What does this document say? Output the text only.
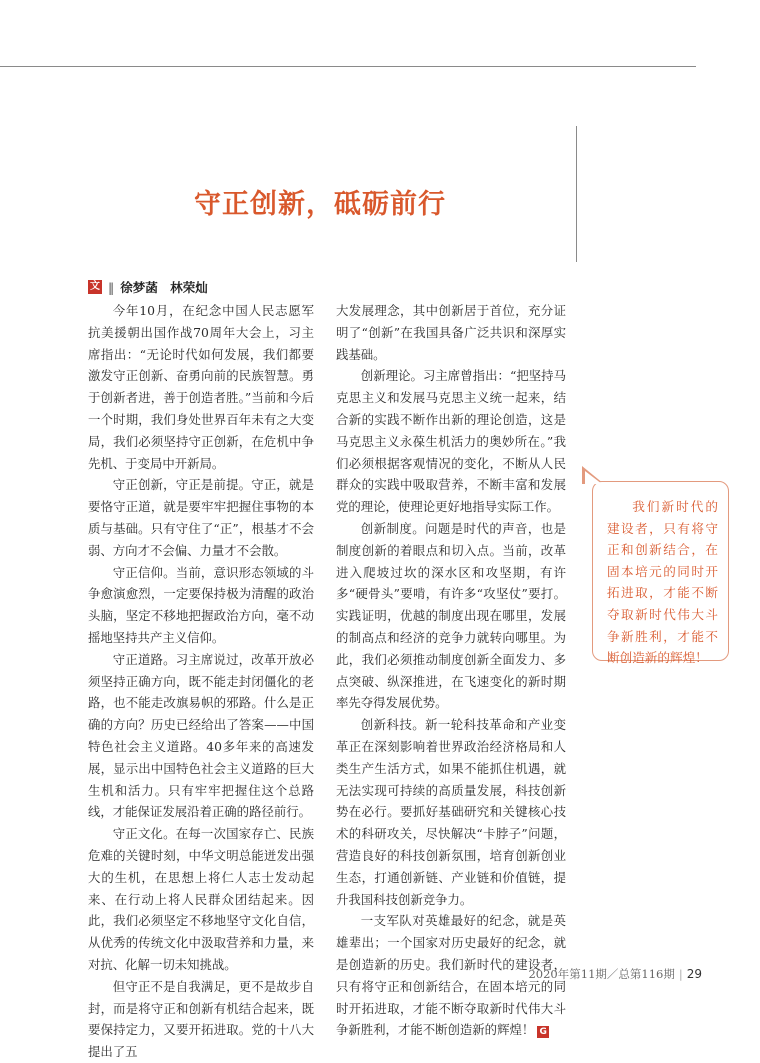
守正创新，砥砺前行
文 ‖ 徐梦菡　林荣灿

今年10月，在纪念中国人民志愿军抗美援朝出国作战70周年大会上，习主席指出：“无论时代如何发展，我们都要激发守正创新、奋勇向前的民族智慧。勇于创新者进，善于创造者胜。”当前和今后一个时期，我们身处世界百年未有之大变局，我们必须坚持守正创新，在危机中争先机、于变局中开新局。

守正创新，守正是前提。守正，就是要恪守正道，就是要牢牢把握住事物的本质与基础。只有守住了“正”，根基才不会弱、方向才不会偏、力量才不会散。

守正信仰。当前，意识形态领域的斗争愈演愈烈，一定要保持极为清醒的政治头脑，坚定不移地把握政治方向，毫不动摇地坚持共产主义信仰。

守正道路。习主席说过，改革开放必须坚持正确方向，既不能走封闭僵化的老路，也不能走改旗易帜的邪路。什么是正确的方向？历史已经给出了答案——中国特色社会主义道路。40多年来的高速发展，显示出中国特色社会主义道路的巨大生机和活力。只有牢牢把握住这个总路线，才能保证发展沿着正确的路径前行。

守正文化。在每一次国家存亡、民族危难的关键时刻，中华文明总能迸发出强大的生机，在思想上将仁人志士发动起来、在行动上将人民群众团结起来。因此，我们必须坚定不移地坚守文化自信，从优秀的传统文化中汲取营养和力量，来对抗、化解一切未知挑战。

但守正不是自我满足，更不是故步自封，而是将守正和创新有机结合起来，既要保持定力，又要开拓进取。党的十八大提出了五

大发展理念，其中创新居于首位，充分证明了“创新”在我国具备广泛共识和深厚实践基础。

创新理论。习主席曾指出：“把坚持马克思主义和发展马克思主义统一起来，结合新的实践不断作出新的理论创造，这是马克思主义永葆生机活力的奥妙所在。”我们必须根据客观情况的变化，不断从人民群众的实践中吸取营养，不断丰富和发展党的理论，使理论更好地指导实际工作。

创新制度。问题是时代的声音，也是制度创新的着眼点和切入点。当前，改革进入爬坡过坎的深水区和攻坚期，有许多“硬骨头”要啃，有许多“攻坚仗”要打。实践证明，优越的制度出现在哪里，发展的制高点和经济的竞争力就转向哪里。为此，我们必须推动制度创新全面发力、多点突破、纵深推进，在飞速变化的新时期率先夺得发展优势。

创新科技。新一轮科技革命和产业变革正在深刻影响着世界政治经济格局和人类生产生活方式，如果不能抓住机遇，就无法实现可持续的高质量发展，科技创新势在必行。要抓好基础研究和关键核心技术的科研攻关，尽快解决“卡脖子”问题，营造良好的科技创新氛围，培育创新创业生态，打通创新链、产业链和价值链，提升我国科技创新竞争力。

一支军队对英雄最好的纪念，就是英雄辈出；一个国家对历史最好的纪念，就是创造新的历史。我们新时代的建设者，只有将守正和创新结合，在固本培元的同时开拓进取，才能不断夺取新时代伟大斗争新胜利，才能不断创造新的辉煌！ G

我们新时代的建设者，只有将守正和创新结合，在固本培元的同时开拓进取，才能不断夺取新时代伟大斗争新胜利，才能不断创造新的辉煌！

2020年第11期／总第116期 | 29
